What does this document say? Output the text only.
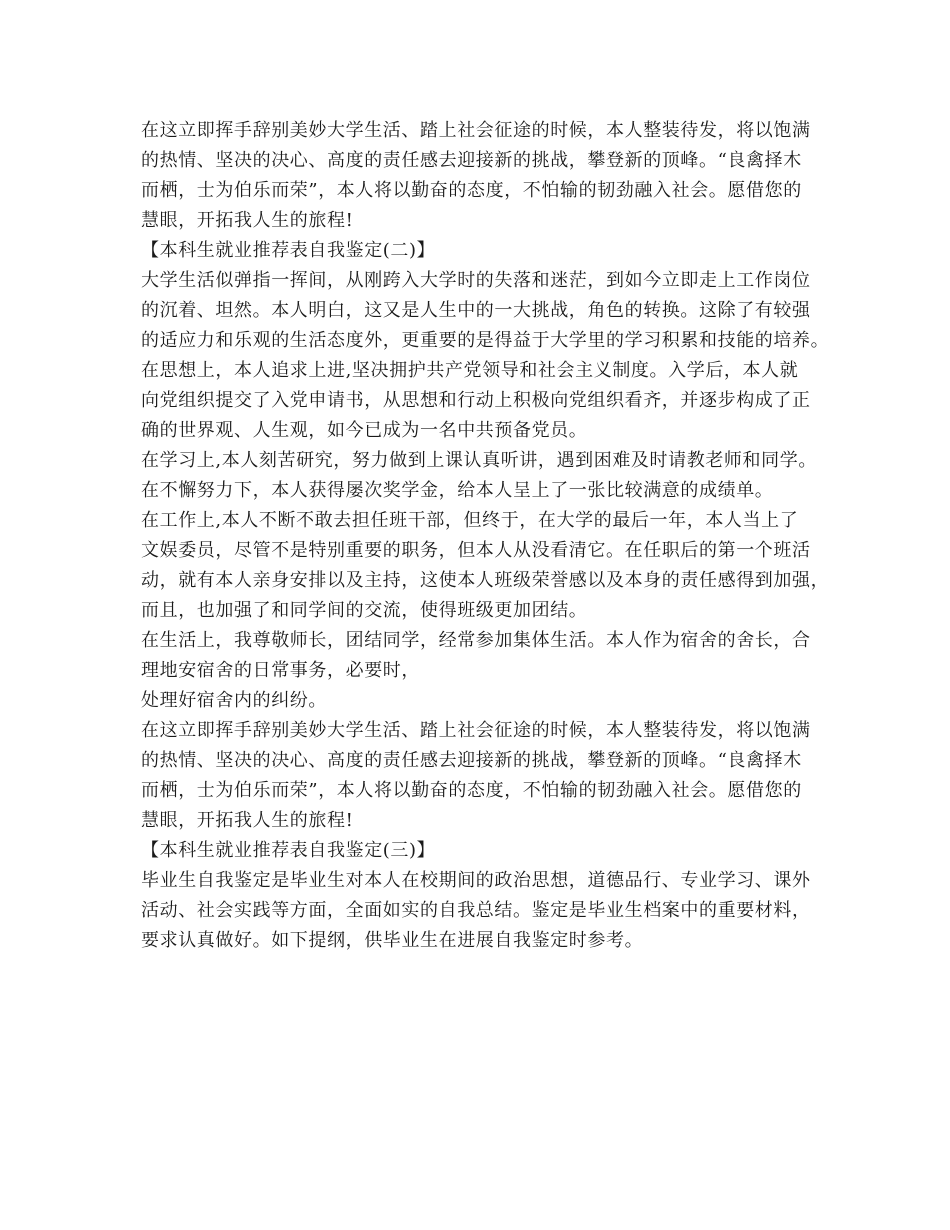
在这立即挥手辞别美妙大学生活、踏上社会征途的时候，本人整装待发，将以饱满
的热情、坚决的决心、高度的责任感去迎接新的挑战，攀登新的顶峰。“良禽择木
而栖，士为伯乐而荣”，本人将以勤奋的态度，不怕输的韧劲融入社会。愿借您的
慧眼，开拓我人生的旅程!
【本科生就业推荐表自我鉴定(二)】
大学生活似弹指一挥间，从刚跨入大学时的失落和迷茫，到如今立即走上工作岗位
的沉着、坦然。本人明白，这又是人生中的一大挑战，角色的转换。这除了有较强
的适应力和乐观的生活态度外，更重要的是得益于大学里的学习积累和技能的培养。
在思想上，本人追求上进,坚决拥护共产党领导和社会主义制度。入学后，本人就
向党组织提交了入党申请书，从思想和行动上积极向党组织看齐，并逐步构成了正
确的世界观、人生观，如今已成为一名中共预备党员。
在学习上,本人刻苦研究，努力做到上课认真听讲，遇到困难及时请教老师和同学。
在不懈努力下，本人获得屡次奖学金，给本人呈上了一张比较满意的成绩单。
在工作上,本人不断不敢去担任班干部，但终于，在大学的最后一年，本人当上了
文娱委员，尽管不是特别重要的职务，但本人从没看清它。在任职后的第一个班活
动，就有本人亲身安排以及主持，这使本人班级荣誉感以及本身的责任感得到加强，
而且，也加强了和同学间的交流，使得班级更加团结。
在生活上，我尊敬师长，团结同学，经常参加集体生活。本人作为宿舍的舍长，合
理地安宿舍的日常事务，必要时，
处理好宿舍内的纠纷。
在这立即挥手辞别美妙大学生活、踏上社会征途的时候，本人整装待发，将以饱满
的热情、坚决的决心、高度的责任感去迎接新的挑战，攀登新的顶峰。“良禽择木
而栖，士为伯乐而荣”，本人将以勤奋的态度，不怕输的韧劲融入社会。愿借您的
慧眼，开拓我人生的旅程!
【本科生就业推荐表自我鉴定(三)】
毕业生自我鉴定是毕业生对本人在校期间的政治思想，道德品行、专业学习、课外
活动、社会实践等方面，全面如实的自我总结。鉴定是毕业生档案中的重要材料，
要求认真做好。如下提纲，供毕业生在进展自我鉴定时参考。
